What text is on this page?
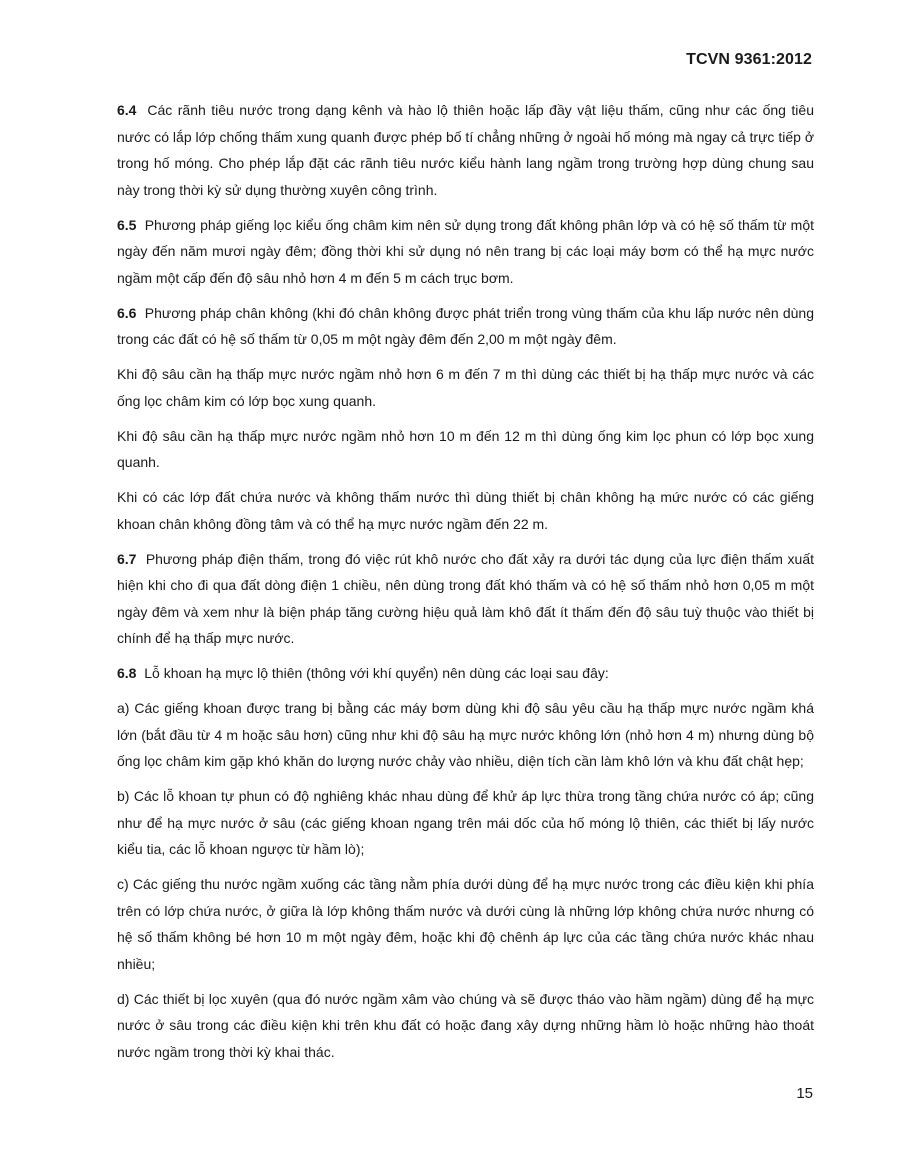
TCVN 9361:2012

6.4 Các rãnh tiêu nước trong dạng kênh và hào lộ thiên hoặc lấp đầy vật liệu thấm, cũng như các ống tiêu nước có lắp lớp chống thấm xung quanh được phép bố tí chẳng những ở ngoài hố móng mà ngay cả trực tiếp ở trong hố móng. Cho phép lắp đặt các rãnh tiêu nước kiểu hành lang ngầm trong trường hợp dùng chung sau này trong thời kỳ sử dụng thường xuyên công trình.

6.5 Phương pháp giếng lọc kiểu ống châm kim nên sử dụng trong đất không phân lớp và có hệ số thấm từ một ngày đến năm mươi ngày đêm; đồng thời khi sử dụng nó nên trang bị các loại máy bơm có thể hạ mực nước ngầm một cấp đến độ sâu nhỏ hơn 4 m đến 5 m cách trục bơm.

6.6 Phương pháp chân không (khi đó chân không được phát triển trong vùng thấm của khu lấp nước nên dùng trong các đất có hệ số thấm từ 0,05 m một ngày đêm đến 2,00 m một ngày đêm.

Khi độ sâu cần hạ thấp mực nước ngầm nhỏ hơn 6 m đến 7 m thì dùng các thiết bị hạ thấp mực nước và các ống lọc châm kim có lớp bọc xung quanh.

Khi độ sâu cần hạ thấp mực nước ngầm nhỏ hơn 10 m đến 12 m thì dùng ống kim lọc phun có lớp bọc xung quanh.

Khi có các lớp đất chứa nước và không thấm nước thì dùng thiết bị chân không hạ mức nước có các giếng khoan chân không đồng tâm và có thể hạ mực nước ngầm đến 22 m.

6.7 Phương pháp điện thấm, trong đó việc rút khô nước cho đất xảy ra dưới tác dụng của lực điện thấm xuất hiện khi cho đi qua đất dòng điện 1 chiều, nên dùng trong đất khó thấm và có hệ số thấm nhỏ hơn 0,05 m một ngày đêm và xem như là biện pháp tăng cường hiệu quả làm khô đất ít thấm đến độ sâu tuỳ thuộc vào thiết bị chính để hạ thấp mực nước.

6.8 Lỗ khoan hạ mực lộ thiên (thông với khí quyển) nên dùng các loại sau đây:

a) Các giếng khoan được trang bị bằng các máy bơm dùng khi độ sâu yêu cầu hạ thấp mực nước ngầm khá lớn (bắt đầu từ 4 m hoặc sâu hơn) cũng như khi độ sâu hạ mực nước không lớn (nhỏ hơn 4 m) nhưng dùng bộ ống lọc châm kim gặp khó khăn do lượng nước chảy vào nhiều, diện tích cần làm khô lớn và khu đất chật hẹp;

b) Các lỗ khoan tự phun có độ nghiêng khác nhau dùng để khử áp lực thừa trong tầng chứa nước có áp; cũng như để hạ mực nước ở sâu (các giếng khoan ngang trên mái dốc của hố móng lộ thiên, các thiết bị lấy nước kiểu tia, các lỗ khoan ngược từ hầm lò);

c) Các giếng thu nước ngầm xuống các tầng nằm phía dưới dùng để hạ mực nước trong các điều kiện khi phía trên có lớp chứa nước, ở giữa là lớp không thấm nước và dưới cùng là những lớp không chứa nước nhưng có hệ số thấm không bé hơn 10 m một ngày đêm, hoặc khi độ chênh áp lực của các tầng chứa nước khác nhau nhiều;

d) Các thiết bị lọc xuyên (qua đó nước ngầm xâm vào chúng và sẽ được tháo vào hầm ngầm) dùng để hạ mực nước ở sâu trong các điều kiện khi trên khu đất có hoặc đang xây dựng những hầm lò hoặc những hào thoát nước ngầm trong thời kỳ khai thác.

15
